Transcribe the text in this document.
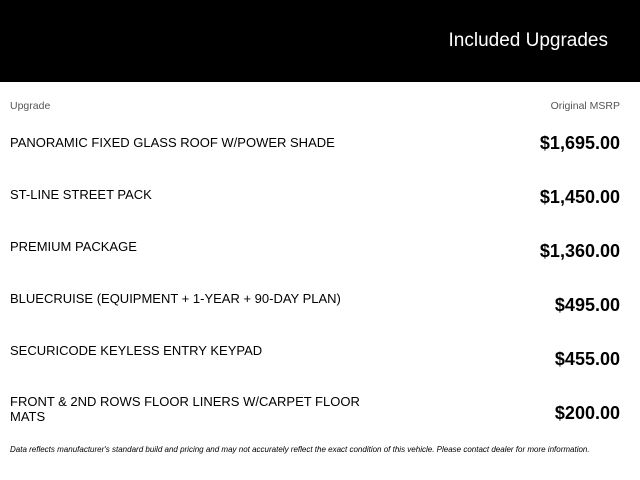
Included Upgrades
Upgrade	Original MSRP
PANORAMIC FIXED GLASS ROOF W/POWER SHADE	$1,695.00
ST-LINE STREET PACK	$1,450.00
PREMIUM PACKAGE	$1,360.00
BLUECRUISE (EQUIPMENT + 1-YEAR + 90-DAY PLAN)	$495.00
SECURICODE KEYLESS ENTRY KEYPAD	$455.00
FRONT & 2ND ROWS FLOOR LINERS W/CARPET FLOOR MATS	$200.00
Data reflects manufacturer's standard build and pricing and may not accurately reflect the exact condition of this vehicle. Please contact dealer for more information.
